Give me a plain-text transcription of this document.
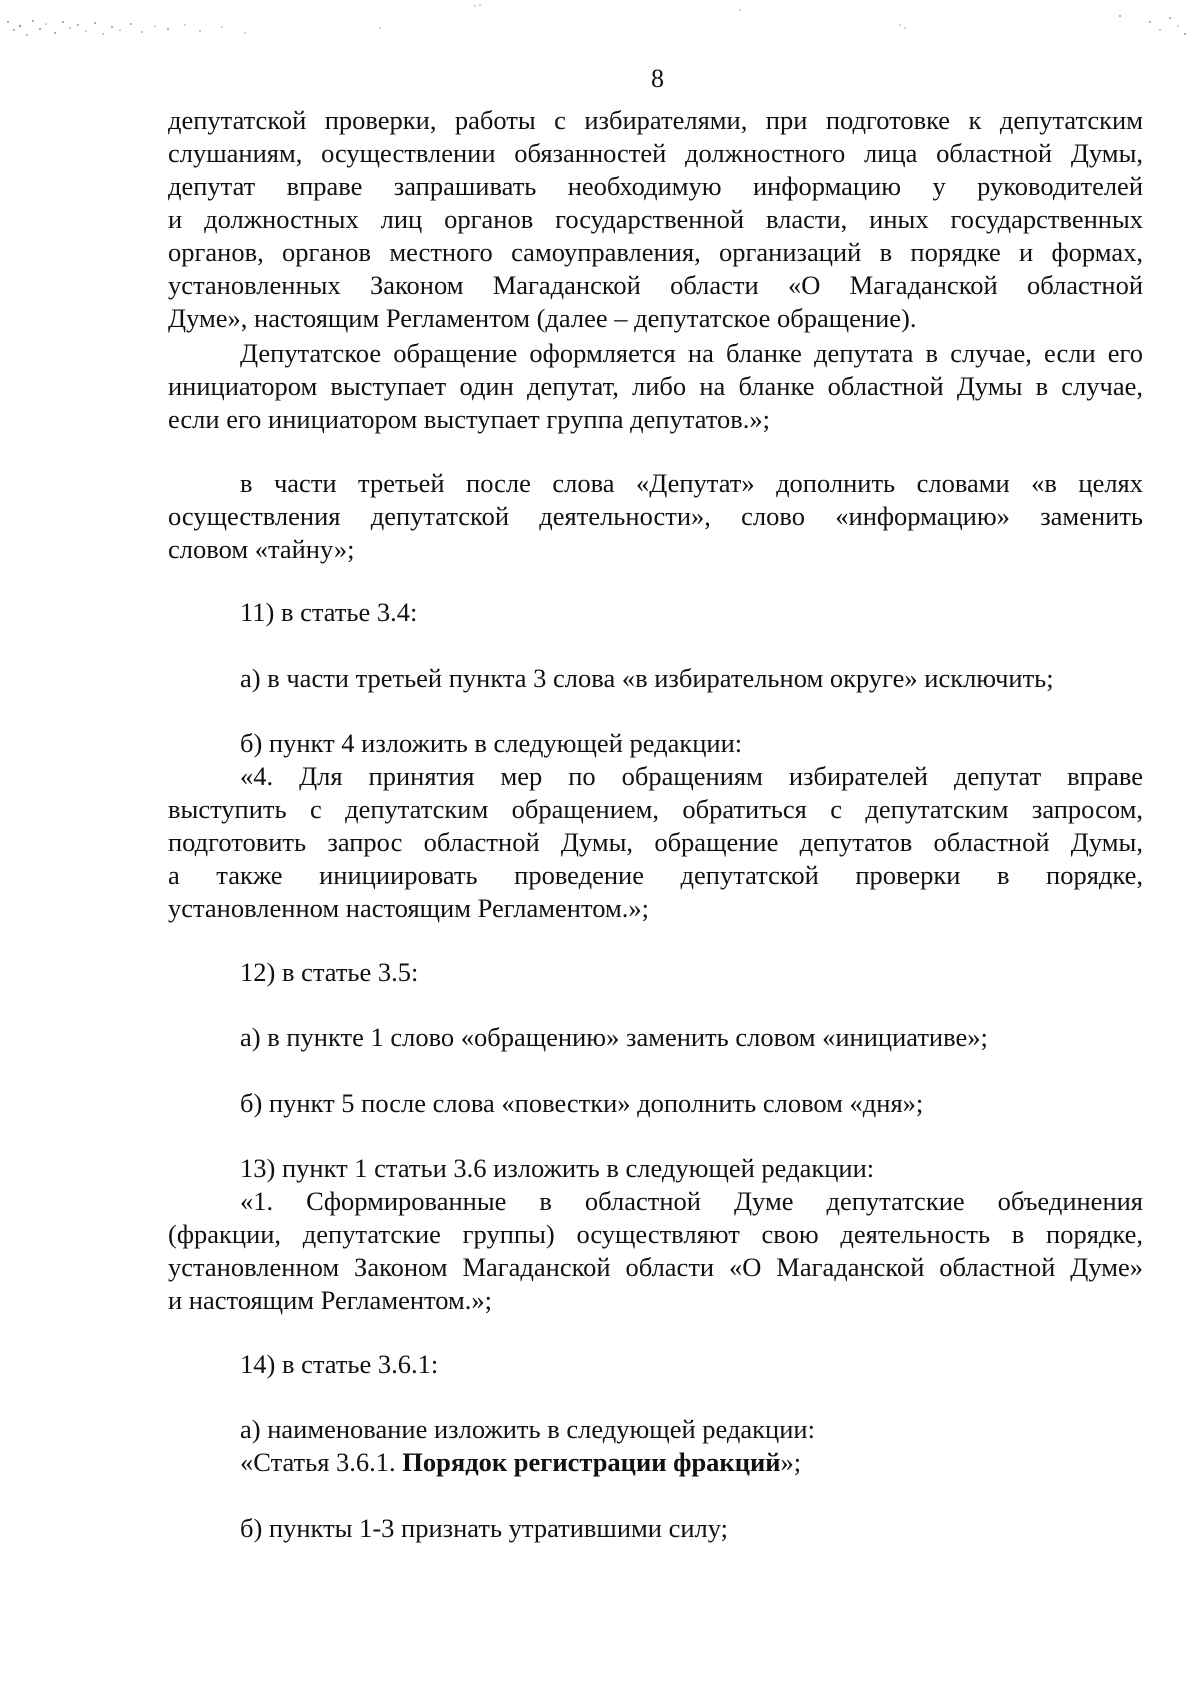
8
депутатской проверки, работы с избирателями, при подготовке к депутатским
слушаниям, осуществлении обязанностей должностного лица областной Думы,
депутат вправе запрашивать необходимую информацию у руководителей
и должностных лиц органов государственной власти, иных государственных
органов, органов местного самоуправления, организаций в порядке и формах,
установленных Законом Магаданской области «О Магаданской областной
Думе», настоящим Регламентом (далее – депутатское обращение).
Депутатское обращение оформляется на бланке депутата в случае, если его
инициатором выступает один депутат, либо на бланке областной Думы в случае,
если его инициатором выступает группа депутатов.»;
в части третьей после слова «Депутат» дополнить словами «в целях
осуществления депутатской деятельности», слово «информацию» заменить
словом «тайну»;
11) в статье 3.4:
а) в части третьей пункта 3 слова «в избирательном округе» исключить;
б) пункт 4 изложить в следующей редакции:
«4. Для принятия мер по обращениям избирателей депутат вправе
выступить с депутатским обращением, обратиться с депутатским запросом,
подготовить запрос областной Думы, обращение депутатов областной Думы,
а также инициировать проведение депутатской проверки в порядке,
установленном настоящим Регламентом.»;
12) в статье 3.5:
а) в пункте 1 слово «обращению» заменить словом «инициативе»;
б) пункт 5 после слова «повестки» дополнить словом «дня»;
13) пункт 1 статьи 3.6 изложить в следующей редакции:
«1. Сформированные в областной Думе депутатские объединения
(фракции, депутатские группы) осуществляют свою деятельность в порядке,
установленном Законом Магаданской области «О Магаданской областной Думе»
и настоящим Регламентом.»;
14) в статье 3.6.1:
а) наименование изложить в следующей редакции:
«Статья 3.6.1. Порядок регистрации фракций»;
б) пункты 1-3 признать утратившими силу;
